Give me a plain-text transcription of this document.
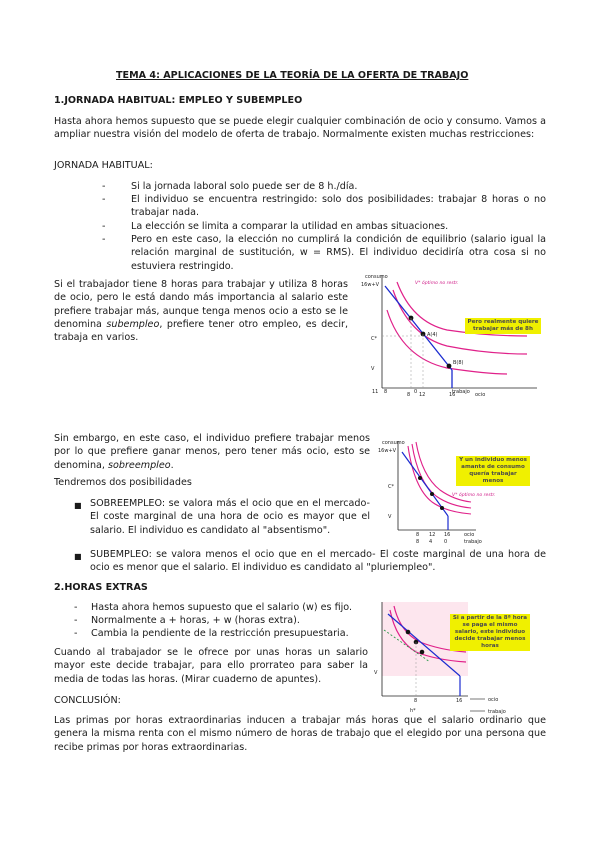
TEMA 4: APLICACIONES DE LA TEORÍA DE LA OFERTA DE TRABAJO
1.JORNADA HABITUAL: EMPLEO Y SUBEMPLEO
Hasta ahora hemos supuesto que se puede elegir cualquier combinación de ocio y consumo. Vamos a ampliar nuestra visión del modelo de oferta de trabajo. Normalmente existen muchas restricciones:
JORNADA HABITUAL:
-	Si la jornada laboral solo puede ser de 8 h./día.
-	El individuo se encuentra restringido: solo dos posibilidades: trabajar 8 horas o no trabajar nada.
-	La elección se limita a comparar la utilidad en ambas situaciones.
-	Pero en este caso, la elección no cumplirá la condición de equilibrio (salario igual la relación marginal de sustitución, w = RMS). El individuo decidiría otra cosa si no estuviera restringido.
Si el trabajador tiene 8 horas para trabajar y utiliza 8 horas de ocio, pero le está dando más importancia al salario este prefiere trabajar más, aunque tenga menos ocio a esto se le denomina subempleo, prefiere tener otro empleo, es decir, trabaja en varios.
consumo
16w+V	V* óptimo no restr.
A(4)
B(8)
C*
V
8 12	16	ocio
Pero realmente quiere trabajar más de 8h
11 8	0	trabajo
Sin embargo, en este caso, el individuo prefiere trabajar menos por lo que prefiere ganar menos, pero tener más ocio, esto se denomina, sobreempleo.
Tendremos dos posibilidades
consumo
16w+V
V* óptimo no restr.
C*
V
8 12 16	ocio
8 4 0	trabajo
Y un individuo menos amante de consumo quería trabajar menos
■ SOBREEMPLEO: se valora más el ocio que en el mercado- El coste marginal de una hora de ocio es mayor que el salario. El individuo es candidato al "absentismo".
■ SUBEMPLEO: se valora menos el ocio que en el mercado- El coste marginal de una hora de ocio es menor que el salario. El individuo es candidato al "pluriempleo".
2.HORAS EXTRAS
- Hasta ahora hemos supuesto que el salario (w) es fijo.
- Normalmente a + horas, + w (horas extra).
- Cambia la pendiente de la restricción presupuestaria.
Cuando al trabajador se le ofrece por unas horas un salario mayor este decide trabajar, para ello prorrateo para saber la media de todas las horas. (Mirar cuaderno de apuntes).
CONCLUSIÓN:
V
8	16
h*
ocio
trabajo
Si a partir de la 8ª hora se paga el mismo salario, este individuo decide trabajar menos horas
Las primas por horas extraordinarias inducen a trabajar más horas que el salario ordinario que genera la misma renta con el mismo número de horas de trabajo que el elegido por una persona que recibe primas por horas extraordinarias.
